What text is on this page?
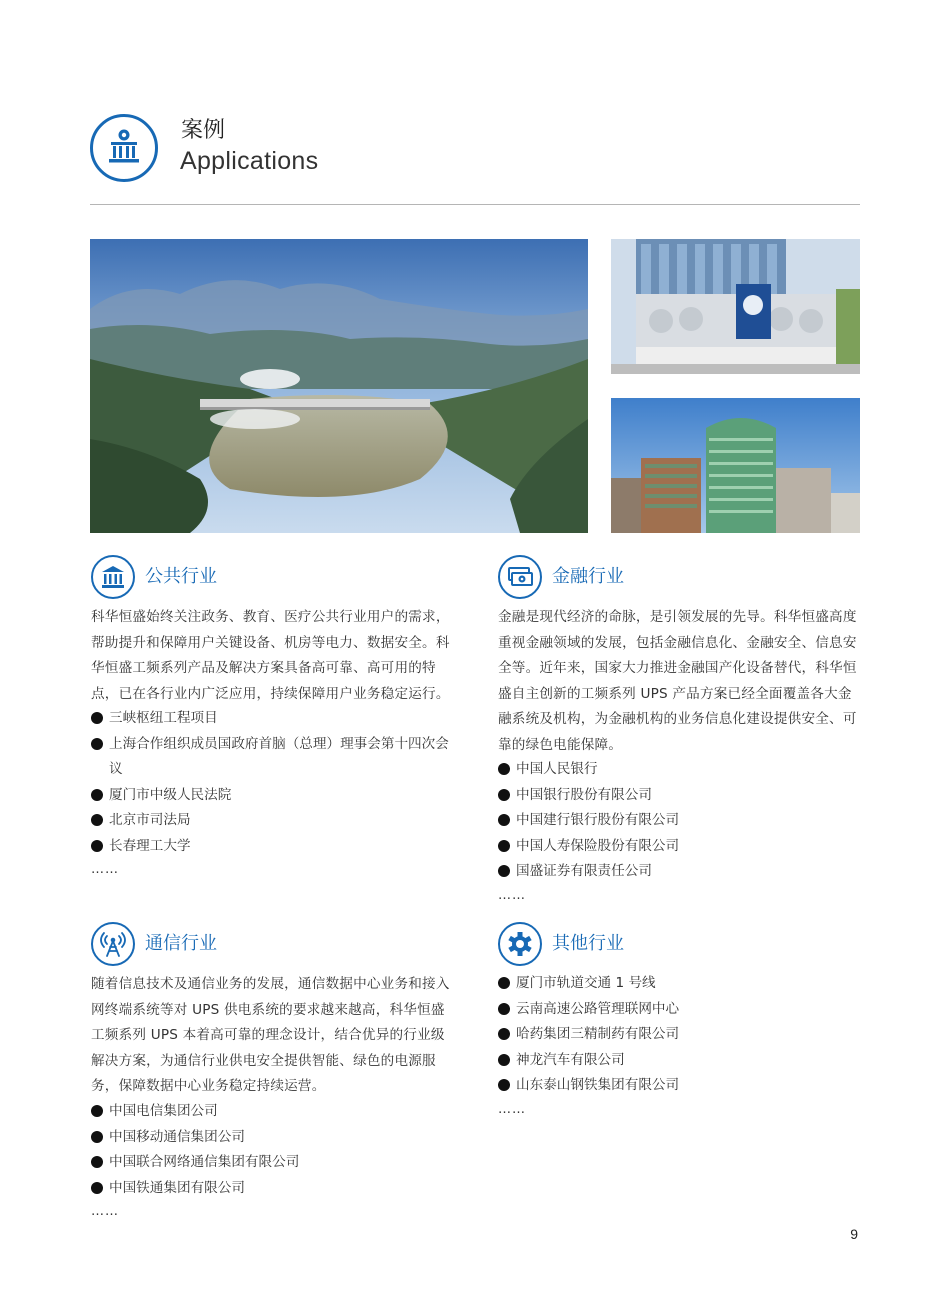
案例
Applications
公共行业
科华恒盛始终关注政务、教育、医疗公共行业用户的需求，帮助提升和保障用户关键设备、机房等电力、数据安全。科华恒盛工频系列产品及解决方案具备高可靠、高可用的特点，已在各行业内广泛应用，持续保障用户业务稳定运行。
三峡枢纽工程项目
上海合作组织成员国政府首脑（总理）理事会第十四次会议
厦门市中级人民法院
北京市司法局
长春理工大学
……
金融行业
金融是现代经济的命脉，是引领发展的先导。科华恒盛高度重视金融领域的发展，包括金融信息化、金融安全、信息安全等。近年来，国家大力推进金融国产化设备替代，科华恒盛自主创新的工频系列 UPS 产品方案已经全面覆盖各大金融系统及机构，为金融机构的业务信息化建设提供安全、可靠的绿色电能保障。
中国人民银行
中国银行股份有限公司
中国建行银行股份有限公司
中国人寿保险股份有限公司
国盛证券有限责任公司
……
通信行业
随着信息技术及通信业务的发展，通信数据中心业务和接入网终端系统等对 UPS 供电系统的要求越来越高，科华恒盛工频系列 UPS 本着高可靠的理念设计，结合优异的行业级解决方案，为通信行业供电安全提供智能、绿色的电源服务，保障数据中心业务稳定持续运营。
中国电信集团公司
中国移动通信集团公司
中国联合网络通信集团有限公司
中国铁通集团有限公司
……
其他行业
厦门市轨道交通 1 号线
云南高速公路管理联网中心
哈药集团三精制药有限公司
神龙汽车有限公司
山东泰山钢铁集团有限公司
……
9
